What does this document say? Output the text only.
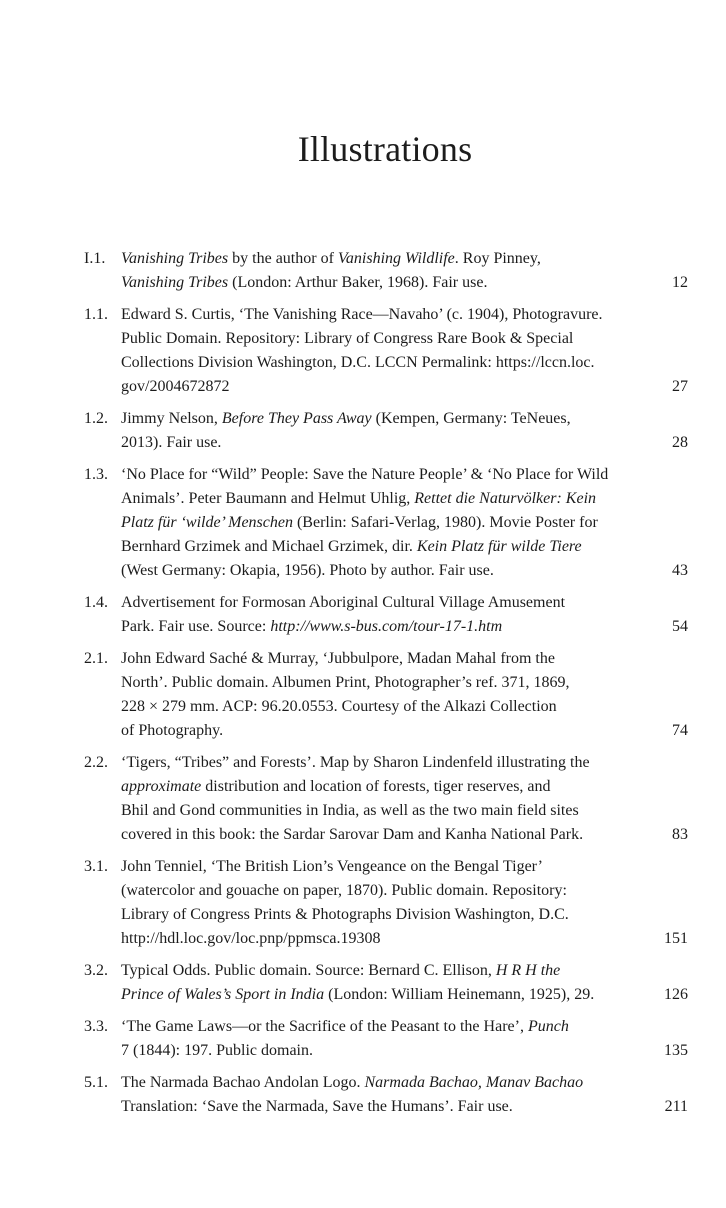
Illustrations
I.1. Vanishing Tribes by the author of Vanishing Wildlife. Roy Pinney,
Vanishing Tribes (London: Arthur Baker, 1968). Fair use.	12
1.1. Edward S. Curtis, ‘The Vanishing Race—Navaho’ (c. 1904), Photogravure.
Public Domain. Repository: Library of Congress Rare Book & Special
Collections Division Washington, D.C. LCCN Permalink: https://lccn.loc.
gov/2004672872	27
1.2. Jimmy Nelson, Before They Pass Away (Kempen, Germany: TeNeues,
2013). Fair use.	28
1.3. ‘No Place for “Wild” People: Save the Nature People’ & ‘No Place for Wild
Animals’. Peter Baumann and Helmut Uhlig, Rettet die Naturvölker: Kein
Platz für ‘wilde’ Menschen (Berlin: Safari-Verlag, 1980). Movie Poster for
Bernhard Grzimek and Michael Grzimek, dir. Kein Platz für wilde Tiere
(West Germany: Okapia, 1956). Photo by author. Fair use.	43
1.4. Advertisement for Formosan Aboriginal Cultural Village Amusement
Park. Fair use. Source: http://www.s-bus.com/tour-17-1.htm	54
2.1. John Edward Saché & Murray, ‘Jubbulpore, Madan Mahal from the
North’. Public domain. Albumen Print, Photographer’s ref. 371, 1869,
228 × 279 mm. ACP: 96.20.0553. Courtesy of the Alkazi Collection
of Photography.	74
2.2. ‘Tigers, “Tribes” and Forests’. Map by Sharon Lindenfeld illustrating the
approximate distribution and location of forests, tiger reserves, and
Bhil and Gond communities in India, as well as the two main field sites
covered in this book: the Sardar Sarovar Dam and Kanha National Park.	83
3.1. John Tenniel, ‘The British Lion’s Vengeance on the Bengal Tiger’
(watercolor and gouache on paper, 1870). Public domain. Repository:
Library of Congress Prints & Photographs Division Washington, D.C.
http://hdl.loc.gov/loc.pnp/ppmsca.19308	151
3.2. Typical Odds. Public domain. Source: Bernard C. Ellison, H R H the
Prince of Wales’s Sport in India (London: William Heinemann, 1925), 29.	126
3.3. ‘The Game Laws—or the Sacrifice of the Peasant to the Hare’, Punch
7 (1844): 197. Public domain.	135
5.1. The Narmada Bachao Andolan Logo. Narmada Bachao, Manav Bachao
Translation: ‘Save the Narmada, Save the Humans’. Fair use.	211
